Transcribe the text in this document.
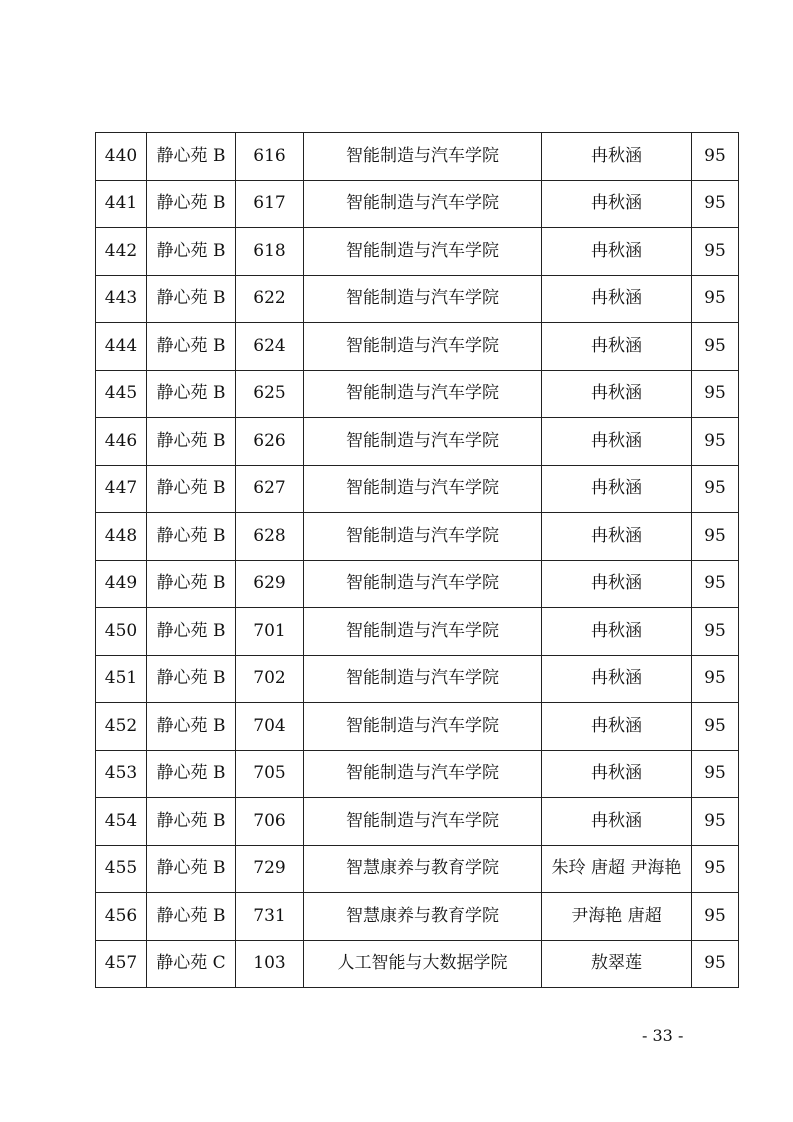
440	静心苑 B	616	智能制造与汽车学院	冉秋涵	95
441	静心苑 B	617	智能制造与汽车学院	冉秋涵	95
442	静心苑 B	618	智能制造与汽车学院	冉秋涵	95
443	静心苑 B	622	智能制造与汽车学院	冉秋涵	95
444	静心苑 B	624	智能制造与汽车学院	冉秋涵	95
445	静心苑 B	625	智能制造与汽车学院	冉秋涵	95
446	静心苑 B	626	智能制造与汽车学院	冉秋涵	95
447	静心苑 B	627	智能制造与汽车学院	冉秋涵	95
448	静心苑 B	628	智能制造与汽车学院	冉秋涵	95
449	静心苑 B	629	智能制造与汽车学院	冉秋涵	95
450	静心苑 B	701	智能制造与汽车学院	冉秋涵	95
451	静心苑 B	702	智能制造与汽车学院	冉秋涵	95
452	静心苑 B	704	智能制造与汽车学院	冉秋涵	95
453	静心苑 B	705	智能制造与汽车学院	冉秋涵	95
454	静心苑 B	706	智能制造与汽车学院	冉秋涵	95
455	静心苑 B	729	智慧康养与教育学院	朱玲 唐超 尹海艳	95
456	静心苑 B	731	智慧康养与教育学院	尹海艳 唐超	95
457	静心苑 C	103	人工智能与大数据学院	敖翠莲	95
- 33 -
